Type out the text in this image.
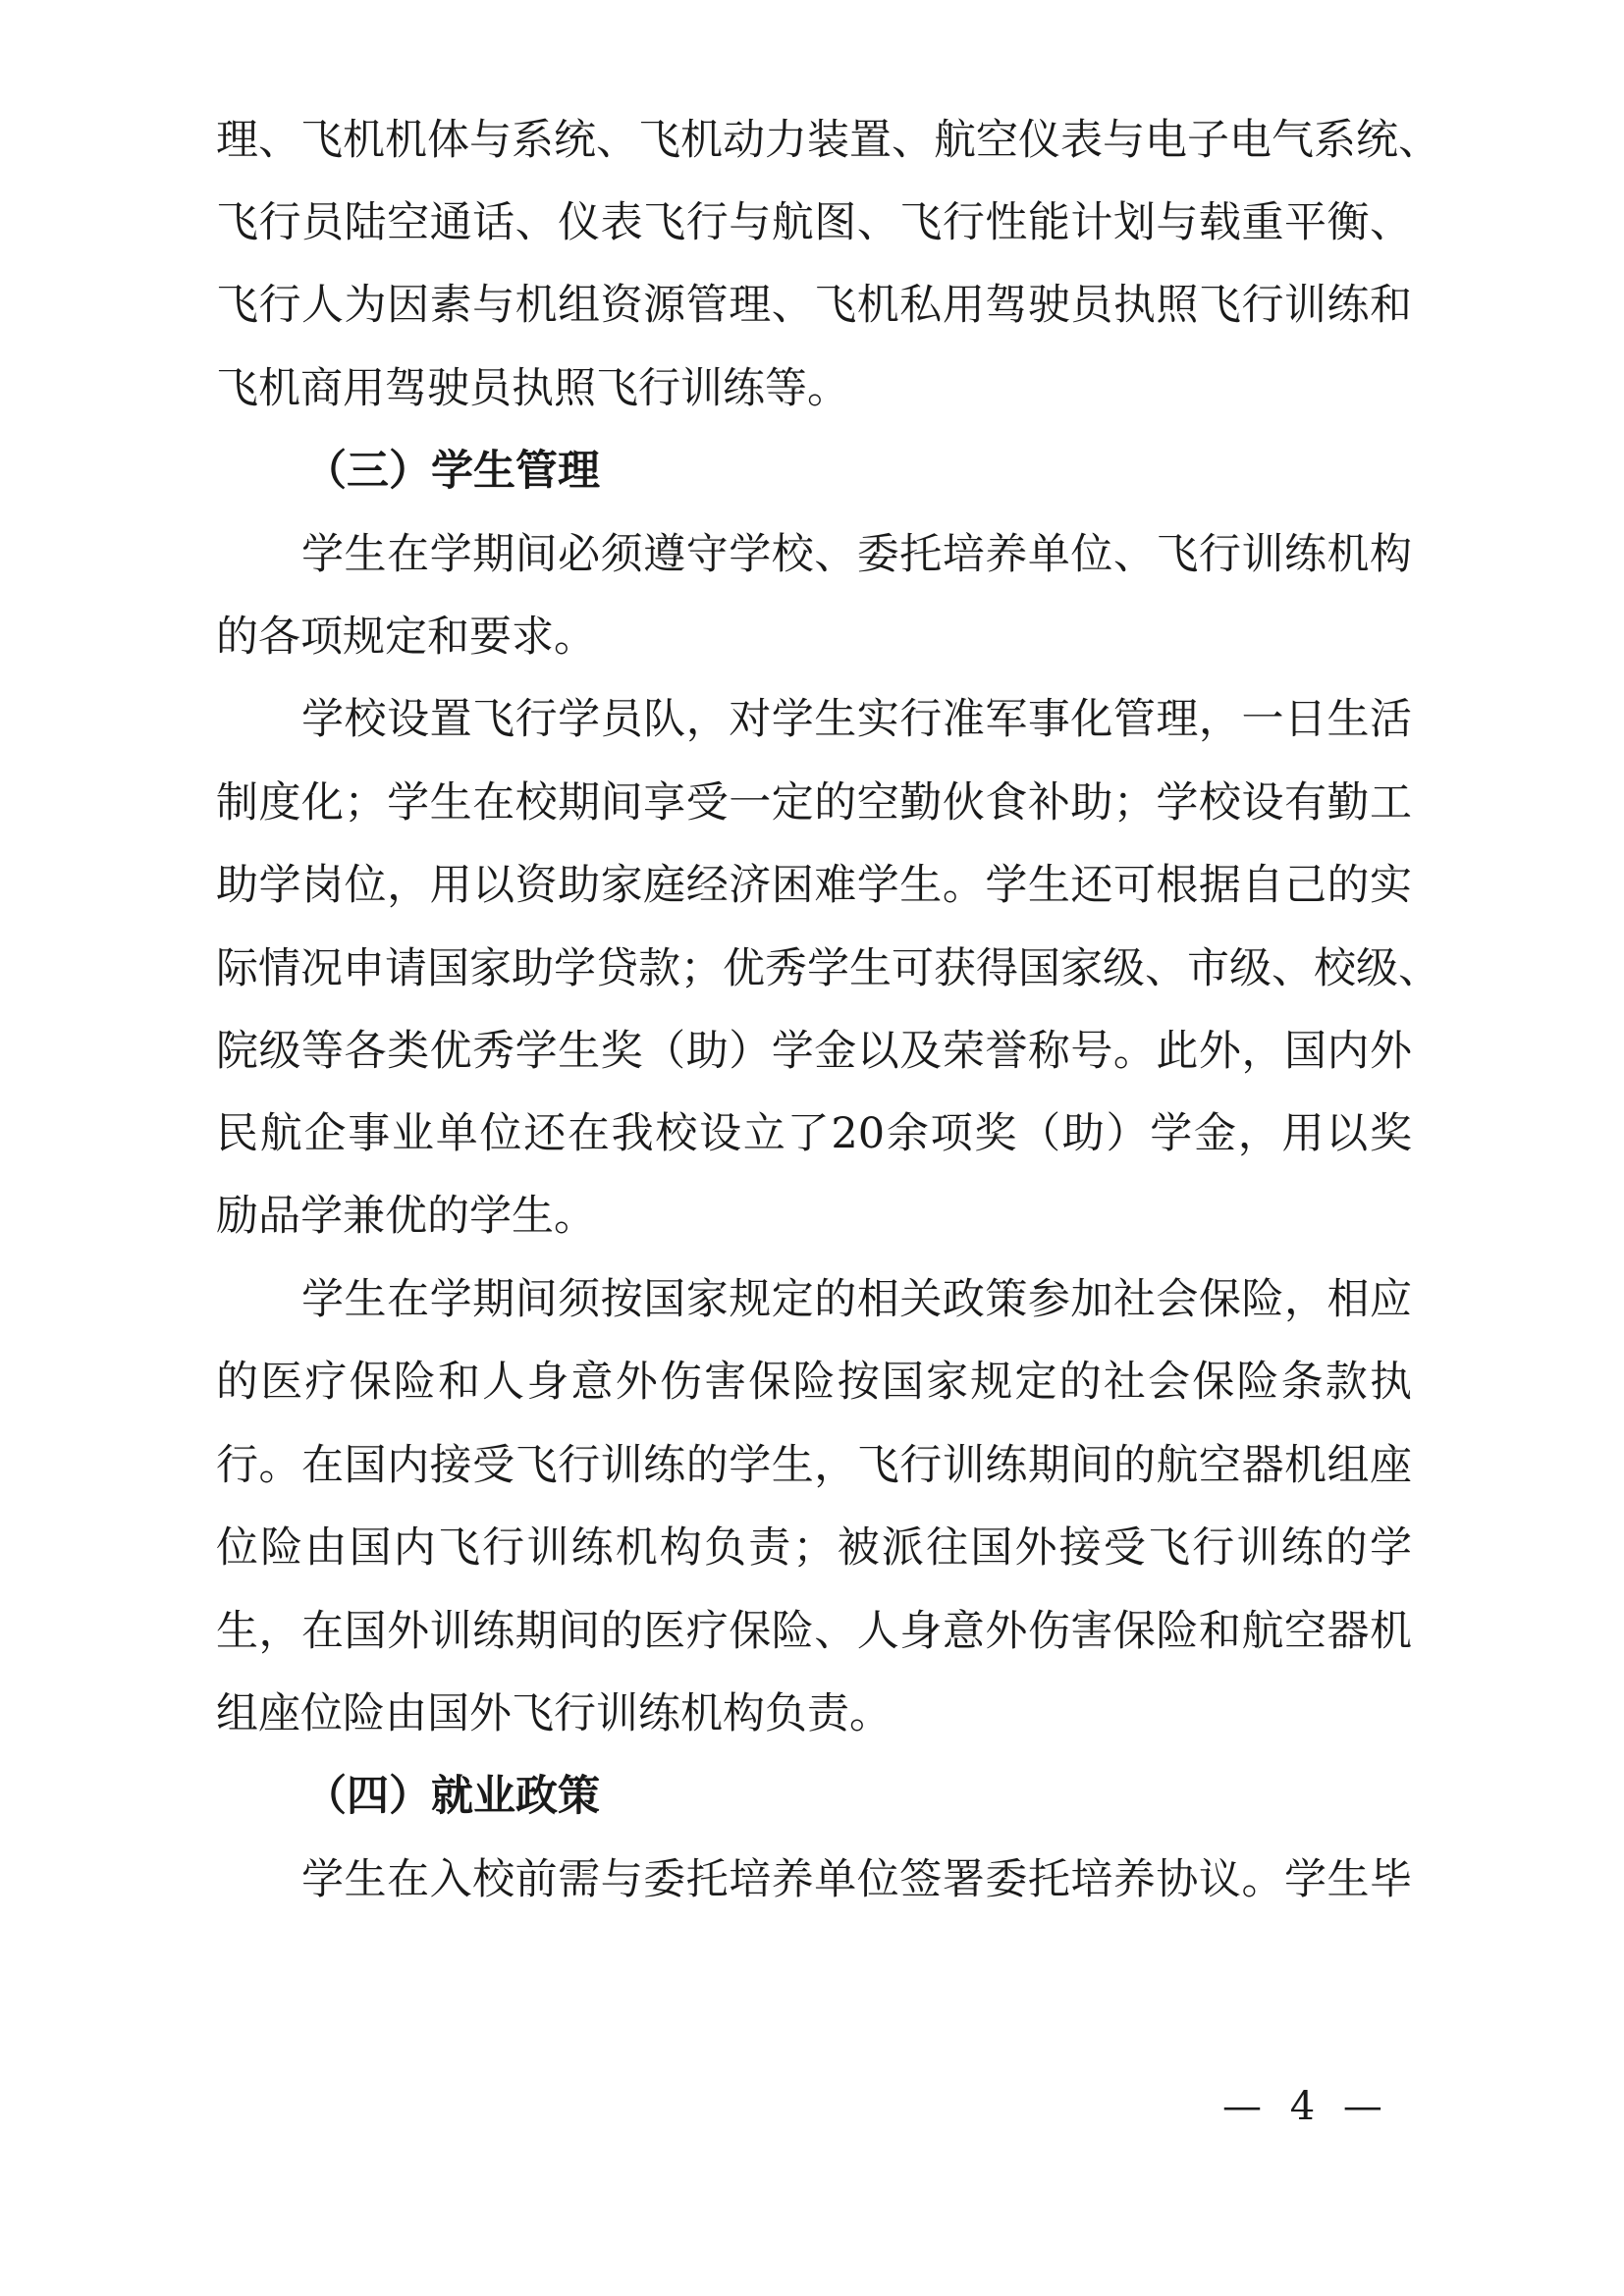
理、飞机机体与系统、飞机动力装置、航空仪表与电子电气系统、
飞行员陆空通话、仪表飞行与航图、飞行性能计划与载重平衡、
飞行人为因素与机组资源管理、飞机私用驾驶员执照飞行训练和
飞机商用驾驶员执照飞行训练等。
（三）学生管理
　　学生在学期间必须遵守学校、委托培养单位、飞行训练机构
的各项规定和要求。
　　学校设置飞行学员队，对学生实行准军事化管理，一日生活
制度化；学生在校期间享受一定的空勤伙食补助；学校设有勤工
助学岗位，用以资助家庭经济困难学生。学生还可根据自己的实
际情况申请国家助学贷款；优秀学生可获得国家级、市级、校级、
院级等各类优秀学生奖（助）学金以及荣誉称号。此外，国内外
民航企事业单位还在我校设立了20余项奖（助）学金，用以奖
励品学兼优的学生。
　　学生在学期间须按国家规定的相关政策参加社会保险，相应
的医疗保险和人身意外伤害保险按国家规定的社会保险条款执
行。在国内接受飞行训练的学生，飞行训练期间的航空器机组座
位险由国内飞行训练机构负责；被派往国外接受飞行训练的学
生，在国外训练期间的医疗保险、人身意外伤害保险和航空器机
组座位险由国外飞行训练机构负责。
（四）就业政策
　　学生在入校前需与委托培养单位签署委托培养协议。学生毕
— 4 —
